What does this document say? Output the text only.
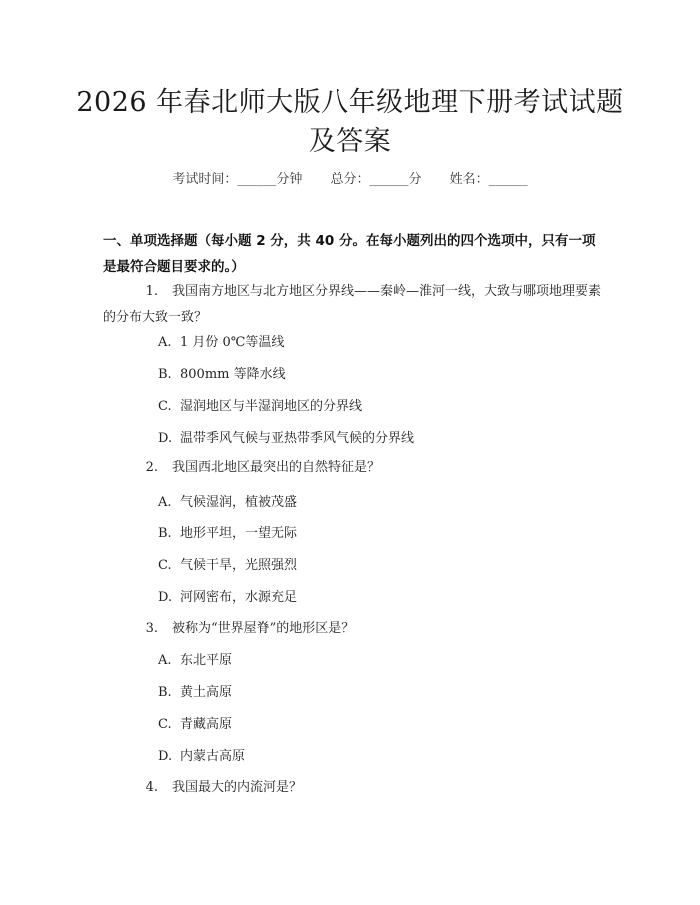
2026 年春北师大版八年级地理下册考试试题
及答案
考试时间：______分钟 总分：______分 姓名：______

一、单项选择题（每小题 2 分，共 40 分。在每小题列出的四个选项中，只有一项是最符合题目要求的。）

1. 我国南方地区与北方地区分界线——秦岭—淮河一线，大致与哪项地理要素的分布大致一致？
A. 1 月份 0℃等温线
B. 800mm 等降水线
C. 湿润地区与半湿润地区的分界线
D. 温带季风气候与亚热带季风气候的分界线
2. 我国西北地区最突出的自然特征是？
A. 气候湿润，植被茂盛
B. 地形平坦，一望无际
C. 气候干旱，光照强烈
D. 河网密布，水源充足
3. 被称为“世界屋脊”的地形区是？
A. 东北平原
B. 黄土高原
C. 青藏高原
D. 内蒙古高原
4. 我国最大的内流河是？
